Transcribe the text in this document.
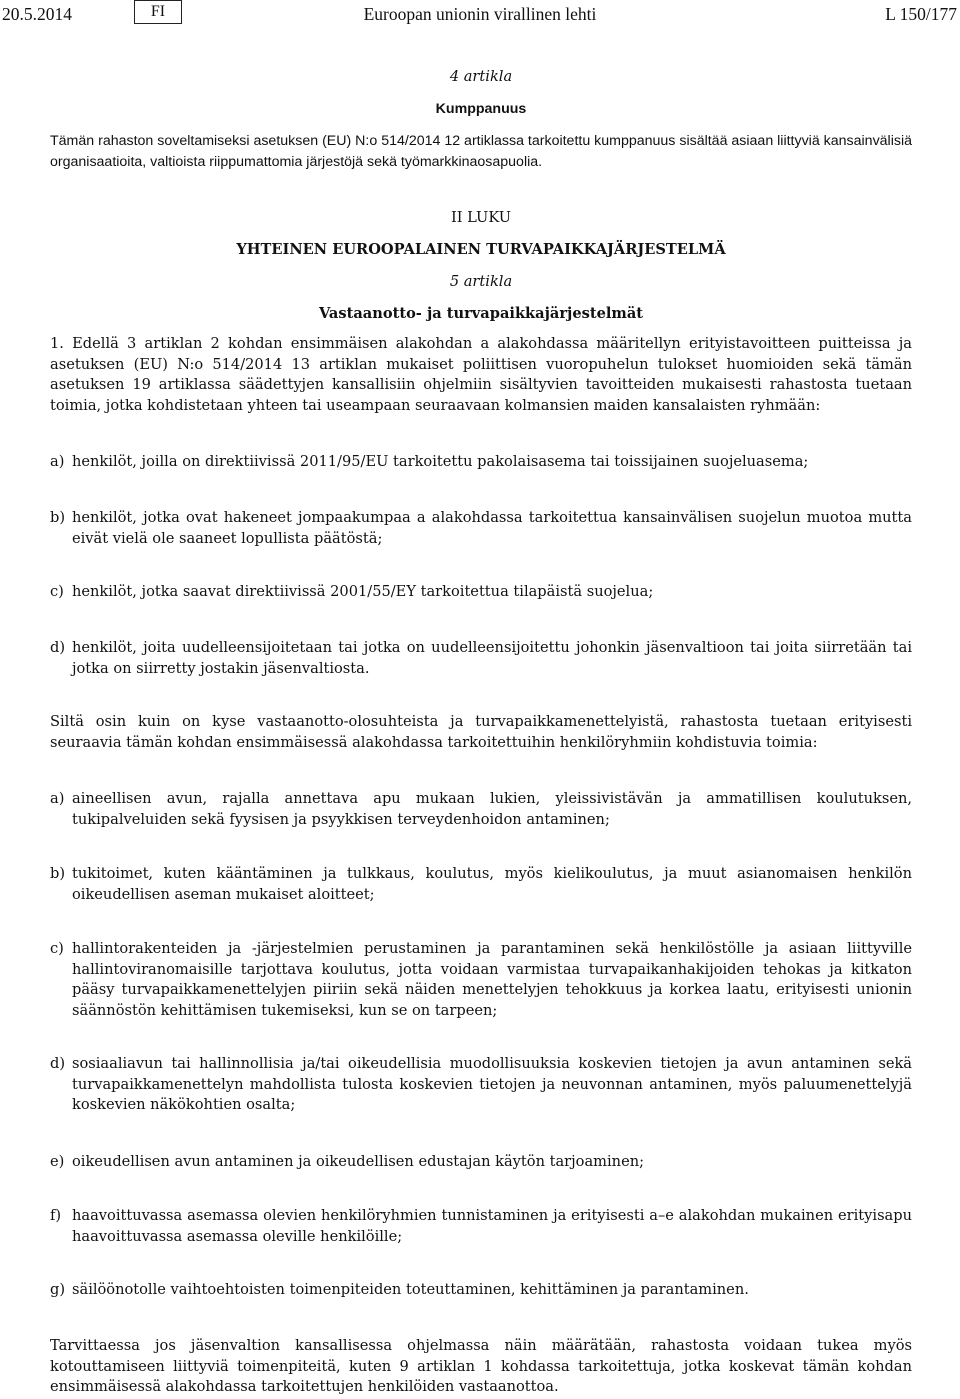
20.5.2014	FI	Euroopan unionin virallinen lehti	L 150/177

4 artikla

Kumppanuus

Tämän rahaston soveltamiseksi asetuksen (EU) N:o 514/2014 12 artiklassa tarkoitettu kumppanuus sisältää asiaan liittyviä kansainvälisiä organisaatioita, valtioista riippumattomia järjestöjä sekä työmarkkinaosapuolia.

II LUKU

YHTEINEN EUROOPALAINEN TURVAPAIKKAJÄRJESTELMÄ

5 artikla

Vastaanotto- ja turvapaikkajärjestelmät

1. Edellä 3 artiklan 2 kohdan ensimmäisen alakohdan a alakohdassa määritellyn erityistavoitteen puitteissa ja asetuksen (EU) N:o 514/2014 13 artiklan mukaiset poliittisen vuoropuhelun tulokset huomioiden sekä tämän asetuksen 19 artiklassa säädettyjen kansallisiin ohjelmiin sisältyvien tavoitteiden mukaisesti rahastosta tuetaan toimia, jotka kohdistetaan yhteen tai useampaan seuraavaan kolmansien maiden kansalaisten ryhmään:

a) henkilöt, joilla on direktiivissä 2011/95/EU tarkoitettu pakolaisasema tai toissijainen suojeluasema;
b) henkilöt, jotka ovat hakeneet jompaakumpaa a alakohdassa tarkoitettua kansainvälisen suojelun muotoa mutta eivät vielä ole saaneet lopullista päätöstä;
c) henkilöt, jotka saavat direktiivissä 2001/55/EY tarkoitettua tilapäistä suojelua;
d) henkilöt, joita uudelleensijoitetaan tai jotka on uudelleensijoitettu johonkin jäsenvaltioon tai joita siirretään tai jotka on siirretty jostakin jäsenvaltiosta.

Siltä osin kuin on kyse vastaanotto-olosuhteista ja turvapaikkamenettelyistä, rahastosta tuetaan erityisesti seuraavia tämän kohdan ensimmäisessä alakohdassa tarkoitettuihin henkilöryhmiin kohdistuvia toimia:

a) aineellisen avun, rajalla annettava apu mukaan lukien, yleissivistävän ja ammatillisen koulutuksen, tukipalveluiden sekä fyysisen ja psyykkisen terveydenhoidon antaminen;
b) tukitoimet, kuten kääntäminen ja tulkkaus, koulutus, myös kielikoulutus, ja muut asianomaisen henkilön oikeudellisen aseman mukaiset aloitteet;
c) hallintorakenteiden ja -järjestelmien perustaminen ja parantaminen sekä henkilöstölle ja asiaan liittyville hallintoviranomaisille tarjottava koulutus, jotta voidaan varmistaa turvapaikanhakijoiden tehokas ja kitkaton pääsy turvapaikkamenettelyjen piiriin sekä näiden menettelyjen tehokkuus ja korkea laatu, erityisesti unionin säännöstön kehittämisen tukemiseksi, kun se on tarpeen;
d) sosiaaliavun tai hallinnollisia ja/tai oikeudellisia muodollisuuksia koskevien tietojen ja avun antaminen sekä turvapaikkamenettelyn mahdollista tulosta koskevien tietojen ja neuvonnan antaminen, myös paluumenettelyjä koskevien näkökohtien osalta;
e) oikeudellisen avun antaminen ja oikeudellisen edustajan käytön tarjoaminen;
f) haavoittuvassa asemassa olevien henkilöryhmien tunnistaminen ja erityisesti a–e alakohdan mukainen erityisapu haavoittuvassa asemassa oleville henkilöille;
g) säilöönotolle vaihtoehtoisten toimenpiteiden toteuttaminen, kehittäminen ja parantaminen.

Tarvittaessa jos jäsenvaltion kansallisessa ohjelmassa näin määrätään, rahastosta voidaan tukea myös kotouttamiseen liittyviä toimenpiteitä, kuten 9 artiklan 1 kohdassa tarkoitettuja, jotka koskevat tämän kohdan ensimmäisessä alakohdassa tarkoitettujen henkilöiden vastaanottoa.
